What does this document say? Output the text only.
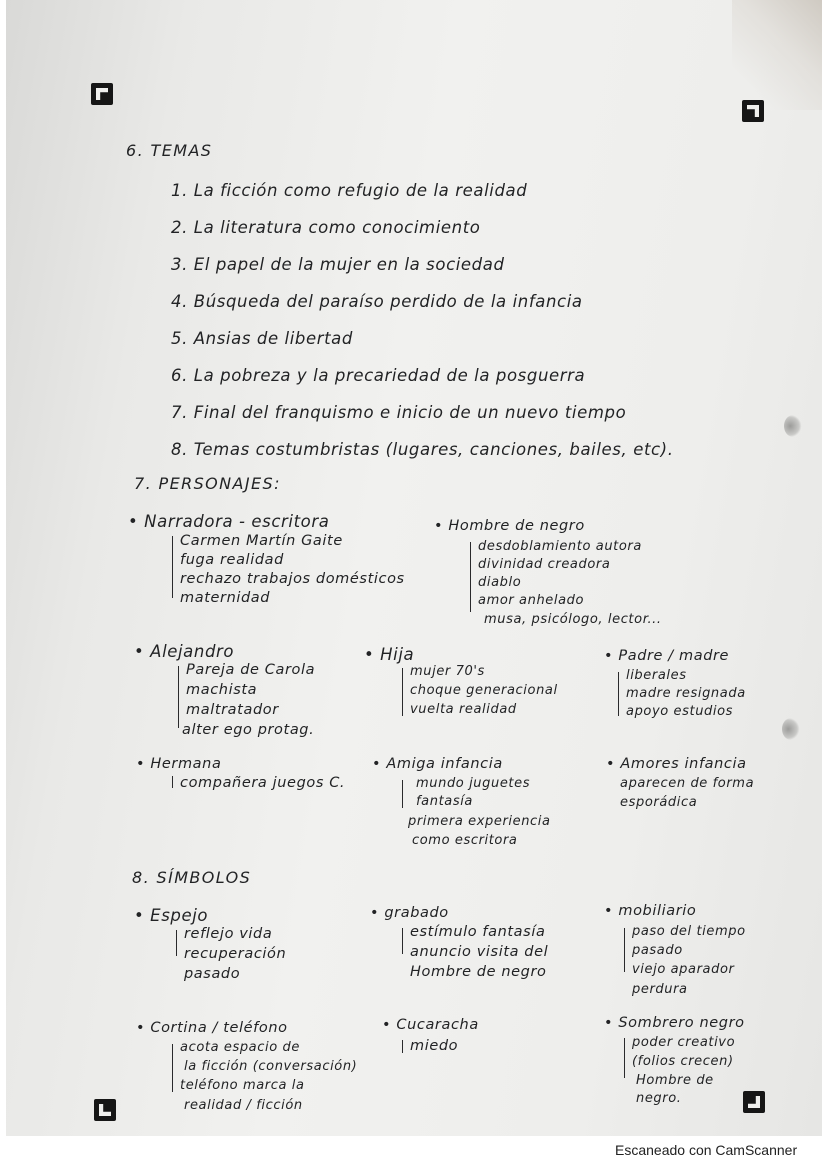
6. TEMAS
1. La ficción como refugio de la realidad
2. La literatura como conocimiento
3. El papel de la mujer en la sociedad
4. Búsqueda del paraíso perdido de la infancia
5. Ansias de libertad
6. La pobreza y la precariedad de la posguerra
7. Final del franquismo e inicio de un nuevo tiempo
8. Temas costumbristas (lugares, canciones, bailes, etc).
7. PERSONAJES:
• Narradora - escritora
Carmen Martín Gaite
fuga realidad
rechazo trabajos domésticos
maternidad
• Hombre de negro
desdoblamiento autora
divinidad creadora
diablo
amor anhelado
musa, psicólogo, lector...
• Alejandro
Pareja de Carola
machista
maltratador
alter ego protag.
• Hija
mujer 70's
choque generacional
vuelta realidad
• Padre / madre
liberales
madre resignada
apoyo estudios
• Hermana
compañera juegos C.
• Amiga infancia
mundo juguetes
fantasía
primera experiencia
como escritora
• Amores infancia
aparecen de forma
esporádica
8. SÍMBOLOS
• Espejo
reflejo vida
recuperación
pasado
• grabado
estímulo fantasía
anuncio visita del
Hombre de negro
• mobiliario
paso del tiempo
pasado
viejo aparador
perdura
• Cortina / teléfono
acota espacio de
la ficción (conversación)
teléfono marca la
realidad / ficción
• Cucaracha
miedo
• Sombrero negro
poder creativo
(folios crecen)
Hombre de
negro.
Escaneado con CamScanner
